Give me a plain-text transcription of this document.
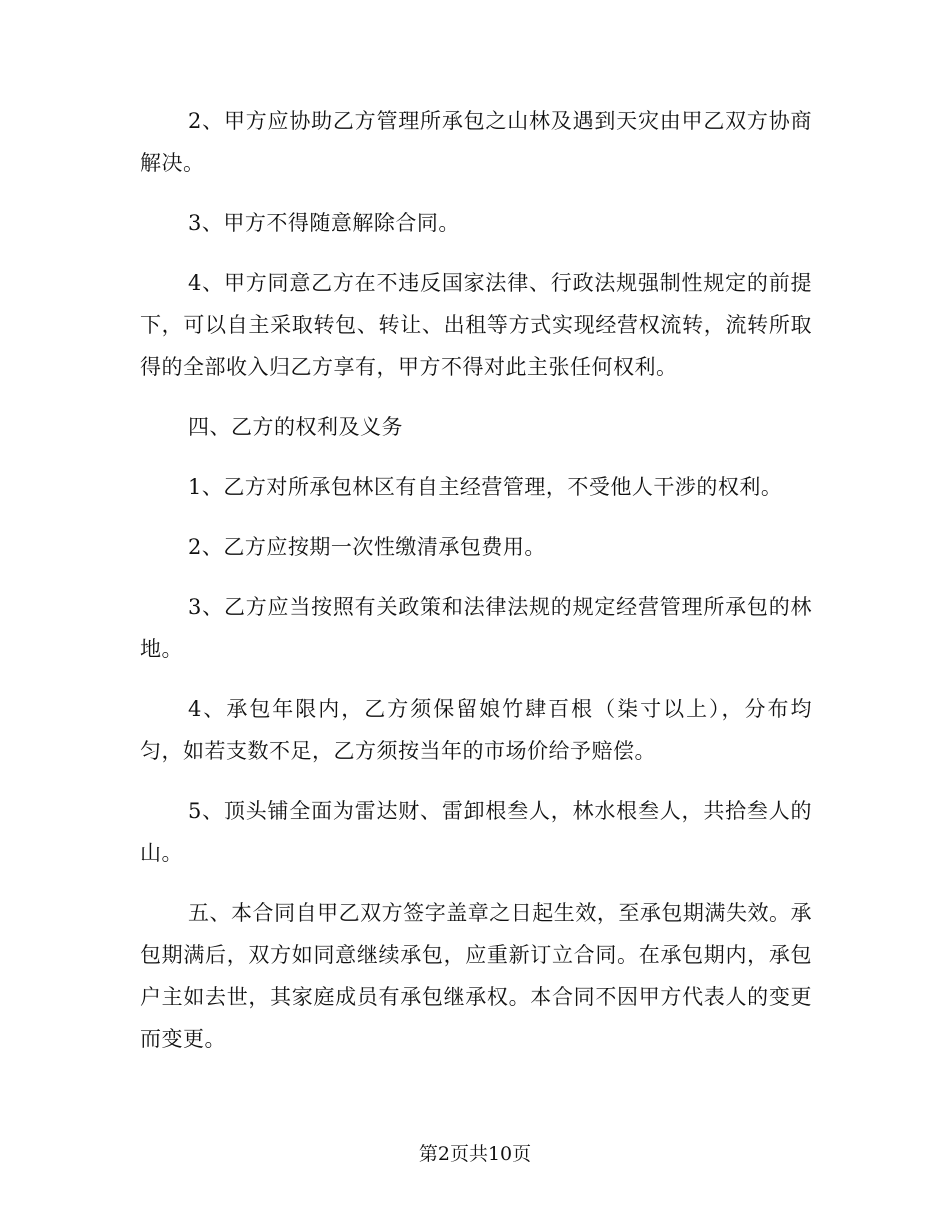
2、甲方应协助乙方管理所承包之山林及遇到天灾由甲乙双方协商解决。

3、甲方不得随意解除合同。

4、甲方同意乙方在不违反国家法律、行政法规强制性规定的前提下，可以自主采取转包、转让、出租等方式实现经营权流转，流转所取得的全部收入归乙方享有，甲方不得对此主张任何权利。

四、乙方的权利及义务

1、乙方对所承包林区有自主经营管理，不受他人干涉的权利。

2、乙方应按期一次性缴清承包费用。

3、乙方应当按照有关政策和法律法规的规定经营管理所承包的林地。

4、承包年限内，乙方须保留娘竹肆百根（柒寸以上），分布均匀，如若支数不足，乙方须按当年的市场价给予赔偿。

5、顶头铺全面为雷达财、雷卸根叁人，林水根叁人，共拾叁人的山。

五、本合同自甲乙双方签字盖章之日起生效，至承包期满失效。承包期满后，双方如同意继续承包，应重新订立合同。在承包期内，承包户主如去世，其家庭成员有承包继承权。本合同不因甲方代表人的变更而变更。

第2页共10页
